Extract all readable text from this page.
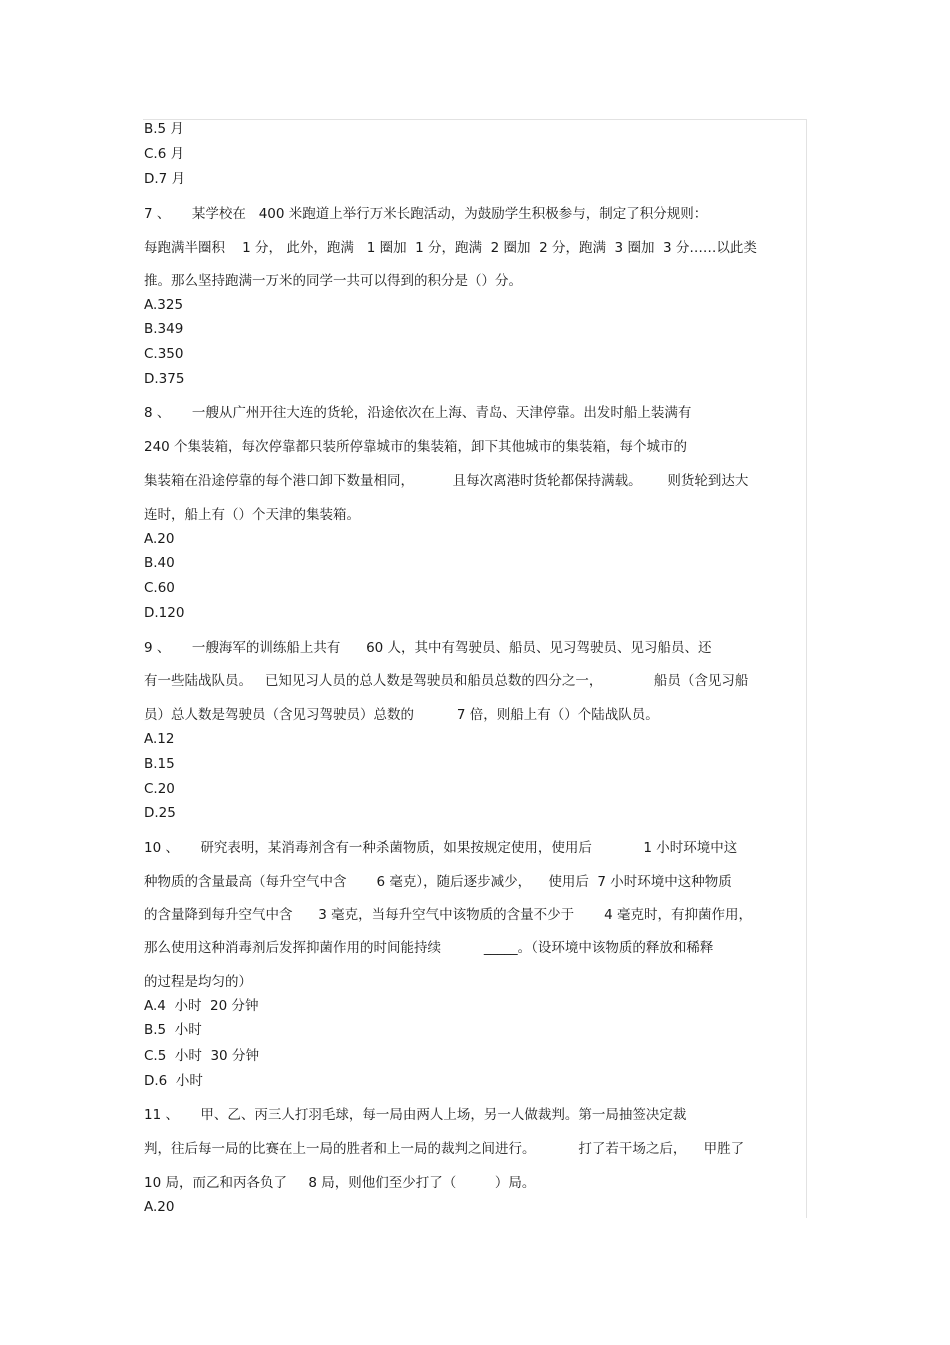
B.5 月
C.6 月
D.7 月
7 、     某学校在   400 米跑道上举行万米长跑活动，为鼓励学生积极参与，制定了积分规则：
每跑满半圈积    1 分， 此外，跑满   1 圈加  1 分，跑满  2 圈加  2 分，跑满  3 圈加  3 分……以此类
推。那么坚持跑满一万米的同学一共可以得到的积分是（）分。
A.325
B.349
C.350
D.375
8 、     一艘从广州开往大连的货轮，沿途依次在上海、青岛、天津停靠。出发时船上装满有
240 个集装箱，每次停靠都只装所停靠城市的集装箱，卸下其他城市的集装箱，每个城市的
集装箱在沿途停靠的每个港口卸下数量相同，         且每次离港时货轮都保持满载。      则货轮到达大
连时，船上有（）个天津的集装箱。
A.20
B.40
C.60
D.120
9 、     一艘海军的训练船上共有      60 人，其中有驾驶员、船员、见习驾驶员、见习船员、还
有一些陆战队员。   已知见习人员的总人数是驾驶员和船员总数的四分之一，            船员（含见习船
员）总人数是驾驶员（含见习驾驶员）总数的          7 倍，则船上有（）个陆战队员。
A.12
B.15
C.20
D.25
10 、     研究表明，某消毒剂含有一种杀菌物质，如果按规定使用，使用后            1 小时环境中这
种物质的含量最高（每升空气中含       6 毫克），随后逐步减少，    使用后  7 小时环境中这种物质
的含量降到每升空气中含      3 毫克，当每升空气中该物质的含量不少于       4 毫克时，有抑菌作用，
那么使用这种消毒剂后发挥抑菌作用的时间能持续          _____。（设环境中该物质的释放和稀释
的过程是均匀的）
A.4  小时  20 分钟
B.5  小时
C.5  小时  30 分钟
D.6  小时
11 、     甲、乙、丙三人打羽毛球，每一局由两人上场，另一人做裁判。第一局抽签决定裁
判，往后每一局的比赛在上一局的胜者和上一局的裁判之间进行。          打了若干场之后，    甲胜了
10 局，而乙和丙各负了     8 局，则他们至少打了（         ）局。
A.20
